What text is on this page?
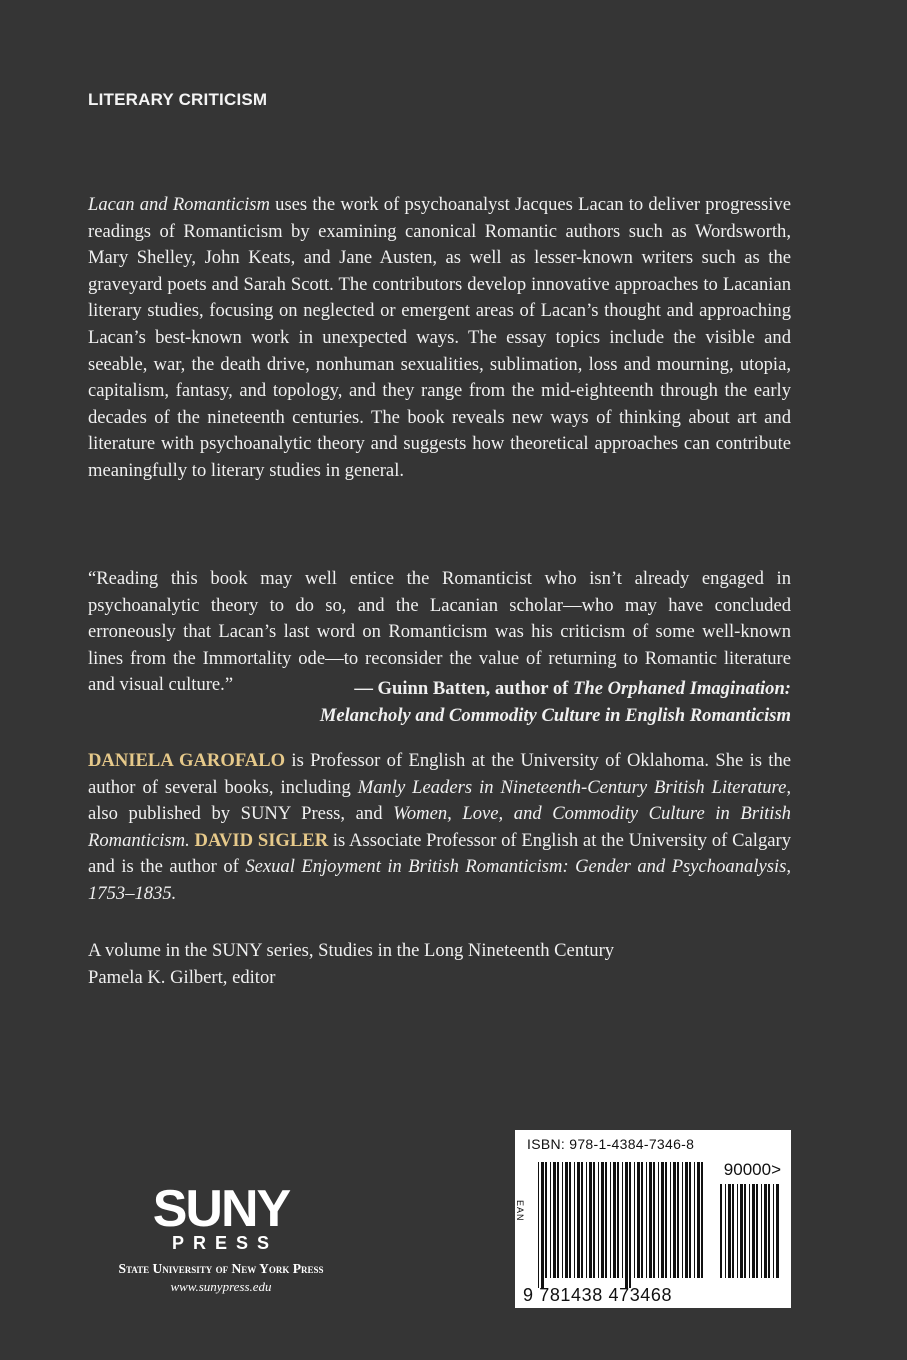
LITERARY CRITICISM
Lacan and Romanticism uses the work of psychoanalyst Jacques Lacan to deliver progressive readings of Romanticism by examining canonical Romantic authors such as Wordsworth, Mary Shelley, John Keats, and Jane Austen, as well as lesser-known writers such as the graveyard poets and Sarah Scott. The contributors develop innovative approaches to Lacanian literary studies, focusing on neglected or emergent areas of Lacan’s thought and approaching Lacan’s best-known work in unexpected ways. The essay topics include the visible and seeable, war, the death drive, nonhuman sexualities, sublimation, loss and mourning, utopia, capitalism, fantasy, and topology, and they range from the mid-eighteenth through the early decades of the nineteenth centuries. The book reveals new ways of thinking about art and literature with psychoanalytic theory and suggests how theoretical approaches can contribute meaningfully to literary studies in general.
“Reading this book may well entice the Romanticist who isn’t already engaged in psychoanalytic theory to do so, and the Lacanian scholar—who may have concluded erroneously that Lacan’s last word on Romanticism was his criticism of some well-known lines from the Immortality ode—to reconsider the value of returning to Romantic literature and visual culture.”	— Guinn Batten, author of The Orphaned Imagination:
Melancholy and Commodity Culture in English Romanticism
DANIELA GAROFALO is Professor of English at the University of Oklahoma. She is the author of several books, including Manly Leaders in Nineteenth-Century British Literature, also published by SUNY Press, and Women, Love, and Commodity Culture in British Romanticism. DAVID SIGLER is Associate Professor of English at the University of Calgary and is the author of Sexual Enjoyment in British Romanticism: Gender and Psychoanalysis, 1753–1835.
A volume in the SUNY series, Studies in the Long Nineteenth Century
Pamela K. Gilbert, editor
SUNY
PRESS
State University of New York Press
www.sunypress.edu
ISBN: 978-1-4384-7346-8
90000>
EAN
9 781438 473468
